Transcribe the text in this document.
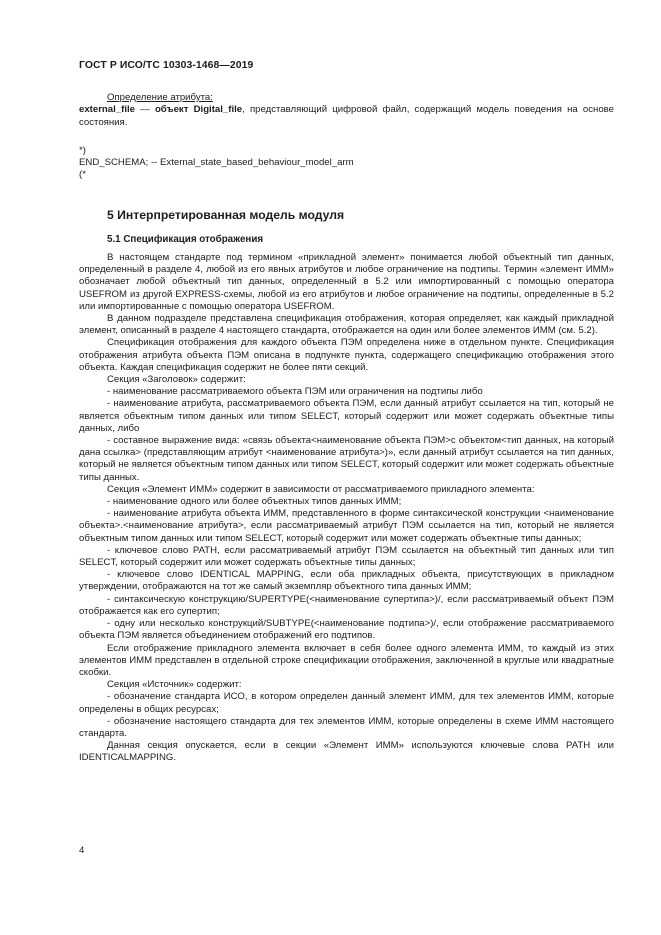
ГОСТ Р ИСО/ТС 10303-1468—2019

Определение атрибута:

external_file — объект Digital_file, представляющий цифровой файл, содержащий модель поведения на основе состояния.

*)
END_SCHEMA; -- External_state_based_behaviour_model_arm
(*
5 Интерпретированная модель модуля
5.1 Спецификация отображения

В настоящем стандарте под термином «прикладной элемент» понимается любой объектный тип данных, определенный в разделе 4, любой из его явных атрибутов и любое ограничение на подтипы. Термин «элемент ИММ» обозначает любой объектный тип данных, определенный в 5.2 или импортированный с помощью оператора USEFROM из другой EXPRESS-схемы, любой из его атрибутов и любое ограничение на подтипы, определенные в 5.2 или импортированные с помощью оператора USEFROM.

В данном подразделе представлена спецификация отображения, которая определяет, как каждый прикладной элемент, описанный в разделе 4 настоящего стандарта, отображается на один или более элементов ИММ (см. 5.2).

Спецификация отображения для каждого объекта ПЭМ определена ниже в отдельном пункте. Спецификация отображения атрибута объекта ПЭМ описана в подпункте пункта, содержащего спецификацию отображения этого объекта. Каждая спецификация содержит не более пяти секций.

Секция «Заголовок» содержит:

- наименование рассматриваемого объекта ПЭМ или ограничения на подтипы либо

- наименование атрибута, рассматриваемого объекта ПЭМ, если данный атрибут ссылается на тип, который не является объектным типом данных или типом SELECT, который содержит или может содержать объектные типы данных, либо

- составное выражение вида: «связь объекта<наименование объекта ПЭМ>с объектом<тип данных, на который дана ссылка> (представляющим атрибут <наименование атрибута>)», если данный атрибут ссылается на тип данных, который не является объектным типом данных или типом SELECT, который содержит или может содержать объектные типы данных.

Секция «Элемент ИММ» содержит в зависимости от рассматриваемого прикладного элемента:

- наименование одного или более объектных типов данных ИММ;

- наименование атрибута объекта ИММ, представленного в форме синтаксической конструкции <наименование объекта>.<наименование атрибута>, если рассматриваемый атрибут ПЭМ ссылается на тип, который не является объектным типом данных или типом SELECT, который содержит или может содержать объектные типы данных;

- ключевое слово PATH, если рассматриваемый атрибут ПЭМ ссылается на объектный тип данных или тип SELECT, который содержит или может содержать объектные типы данных;

- ключевое слово IDENTICAL MAPPING, если оба прикладных объекта, присутствующих в прикладном утверждении, отображаются на тот же самый экземпляр объектного типа данных ИММ;

- синтаксическую конструкцию/SUPERTYPE(<наименование супертипа>)/, если рассматриваемый объект ПЭМ отображается как его супертип;

- одну или несколько конструкций/SUBTYPE(<наименование подтипа>)/, если отображение рассматриваемого объекта ПЭМ является объединением отображений его подтипов.

Если отображение прикладного элемента включает в себя более одного элемента ИММ, то каждый из этих элементов ИММ представлен в отдельной строке спецификации отображения, заключенной в круглые или квадратные скобки.

Секция «Источник» содержит:

- обозначение стандарта ИСО, в котором определен данный элемент ИММ, для тех элементов ИММ, которые определены в общих ресурсах;

- обозначение настоящего стандарта для тех элементов ИММ, которые определены в схеме ИММ настоящего стандарта.

Данная секция опускается, если в секции «Элемент ИММ» используются ключевые слова PATH или IDENTICALMAPPING.

4
